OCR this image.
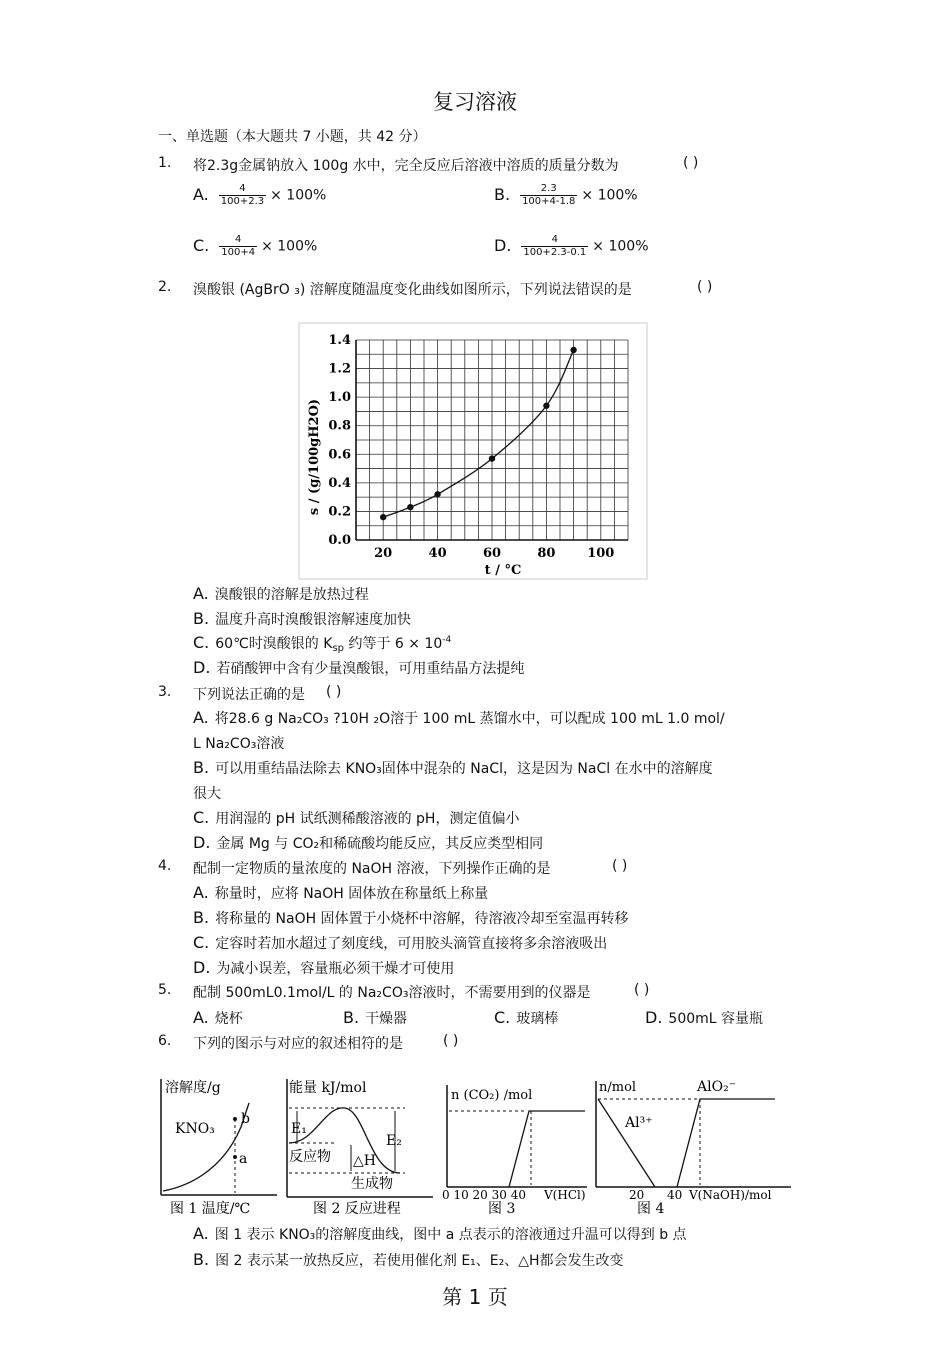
复习溶液
一、单选题（本大题共 7 小题，共 42 分）
1. 将2.3g金属钠放入 100g 水中，完全反应后溶液中溶质的质量分数为	( )
A. $\frac{4}{100+2.3} \times 100\%$	B. $\frac{2.3}{100+4-1.8} \times 100\%$
C. $\frac{4}{100+4} \times 100\%$	D. $\frac{4}{100+2.3-0.1} \times 100\%$
2. 溴酸银 (AgBrO ₃) 溶解度随温度变化曲线如图所示，下列说法错误的是	( )
20	40	60	80 100
0.0
0.2
0.4
0.6
0.8
1.0
1.2
1.4
s / (g/100gH2O)
t / °C
A. 溴酸银的溶解是放热过程
B. 温度升高时溴酸银溶解速度加快
C. 60℃时溴酸银的 $K_{sp}$ 约等于 $6 \times 10^{-4}$
D. 若硝酸钾中含有少量溴酸银，可用重结晶方法提纯
3. 下列说法正确的是 ( )
A. 将28.6 g Na₂CO₃ ?10H ₂O溶于 100 mL 蒸馏水中，可以配成 100 mL 1.0 mol/
L Na₂CO₃溶液
B. 可以用重结晶法除去 KNO₃固体中混杂的 NaCl，这是因为 NaCl 在水中的溶解度
很大
C. 用润湿的 pH 试纸测稀酸溶液的 pH，测定值偏小
D. 金属 Mg 与 CO₂和稀硫酸均能反应，其反应类型相同
4. 配制一定物质的量浓度的 NaOH 溶液，下列操作正确的是	( )
A. 称量时，应将 NaOH 固体放在称量纸上称量
B. 将称量的 NaOH 固体置于小烧杯中溶解，待溶液冷却至室温再转移
C. 定容时若加水超过了刻度线，可用胶头滴管直接将多余溶液吸出
D. 为减小误差，容量瓶必须干燥才可使用
5. 配制 500mL0.1mol/L 的 Na₂CO₃溶液时，不需要用到的仪器是	( )
A. 烧杯	B. 干燥器	C. 玻璃棒	D. 500mL 容量瓶
6. 下列的图示与对应的叙述相符的是	( )
溶解度/g
KNO₃
b
a
图 1 温度/℃
能量 kJ/mol
E₁
E₂
反应物 △H
生成物
图 2 反应进程
n (CO₂) /mol
0 10 20 30 40 V(HCl)
图 3
n/mol	AlO₂⁻
Al³⁺
20 40 V(NaOH)/mol
图 4
A. 图 1 表示 KNO₃的溶解度曲线，图中 a 点表示的溶液通过升温可以得到 b 点
B. 图 2 表示某一放热反应，若使用催化剂 E₁、E₂、△H都会发生改变
第 1 页
